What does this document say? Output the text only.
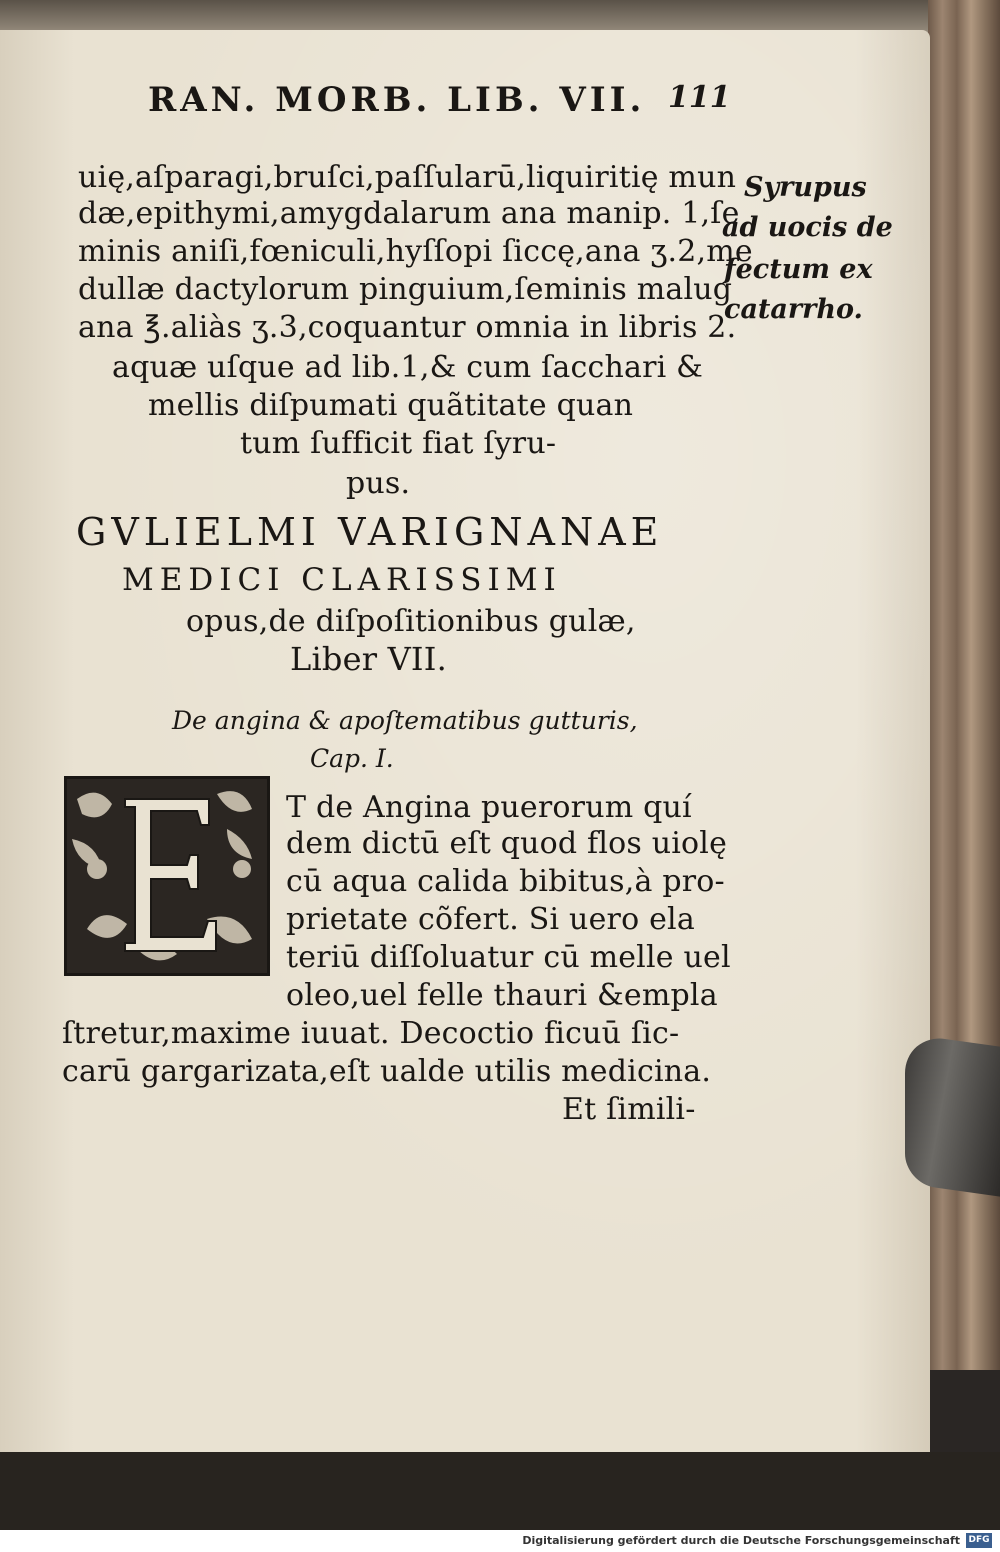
RAN. MORB. LIB. VII. 111
uię,aſparagi,bruſci,paſſularū,liquiritię mun
dæ,epithymi,amygdalarum ana manip. 1,ſe
minis aniſi,fœniculi,hyſſopi ſiccę,ana ʒ.2,me
dullæ dactylorum pinguium,ſeminis malug
ana ℥.aliàs ʒ.3,coquantur omnia in libris 2.
aquæ uſque ad lib.1,& cum ſacchari &
mellis diſpumati quãtitate quan
tum ſufficit fiat ſyru-
pus.
Syrupus
ad uocis de
fectum ex
catarrho.
GVLIELMI VARIGNANAE
MEDICI CLARISSIMI
opus,de diſpoſitionibus gulæ,
Liber VII.
De angina & apoſtematibus gutturis,
Cap. I.
T de Angina puerorum quí
dem dictū eſt quod flos uiolę
cū aqua calida bibitus,à pro-
prietate cõfert. Si uero ela
teriū diſſoluatur cū melle uel
oleo,uel felle thauri &empla
ſtretur,maxime iuuat. Decoctio ficuū ſic-
carū gargarizata,eſt ualde utilis medicina.
Et ſimili-
Digitalisierung gefördert durch die Deutsche Forschungsgemeinschaft DFG
